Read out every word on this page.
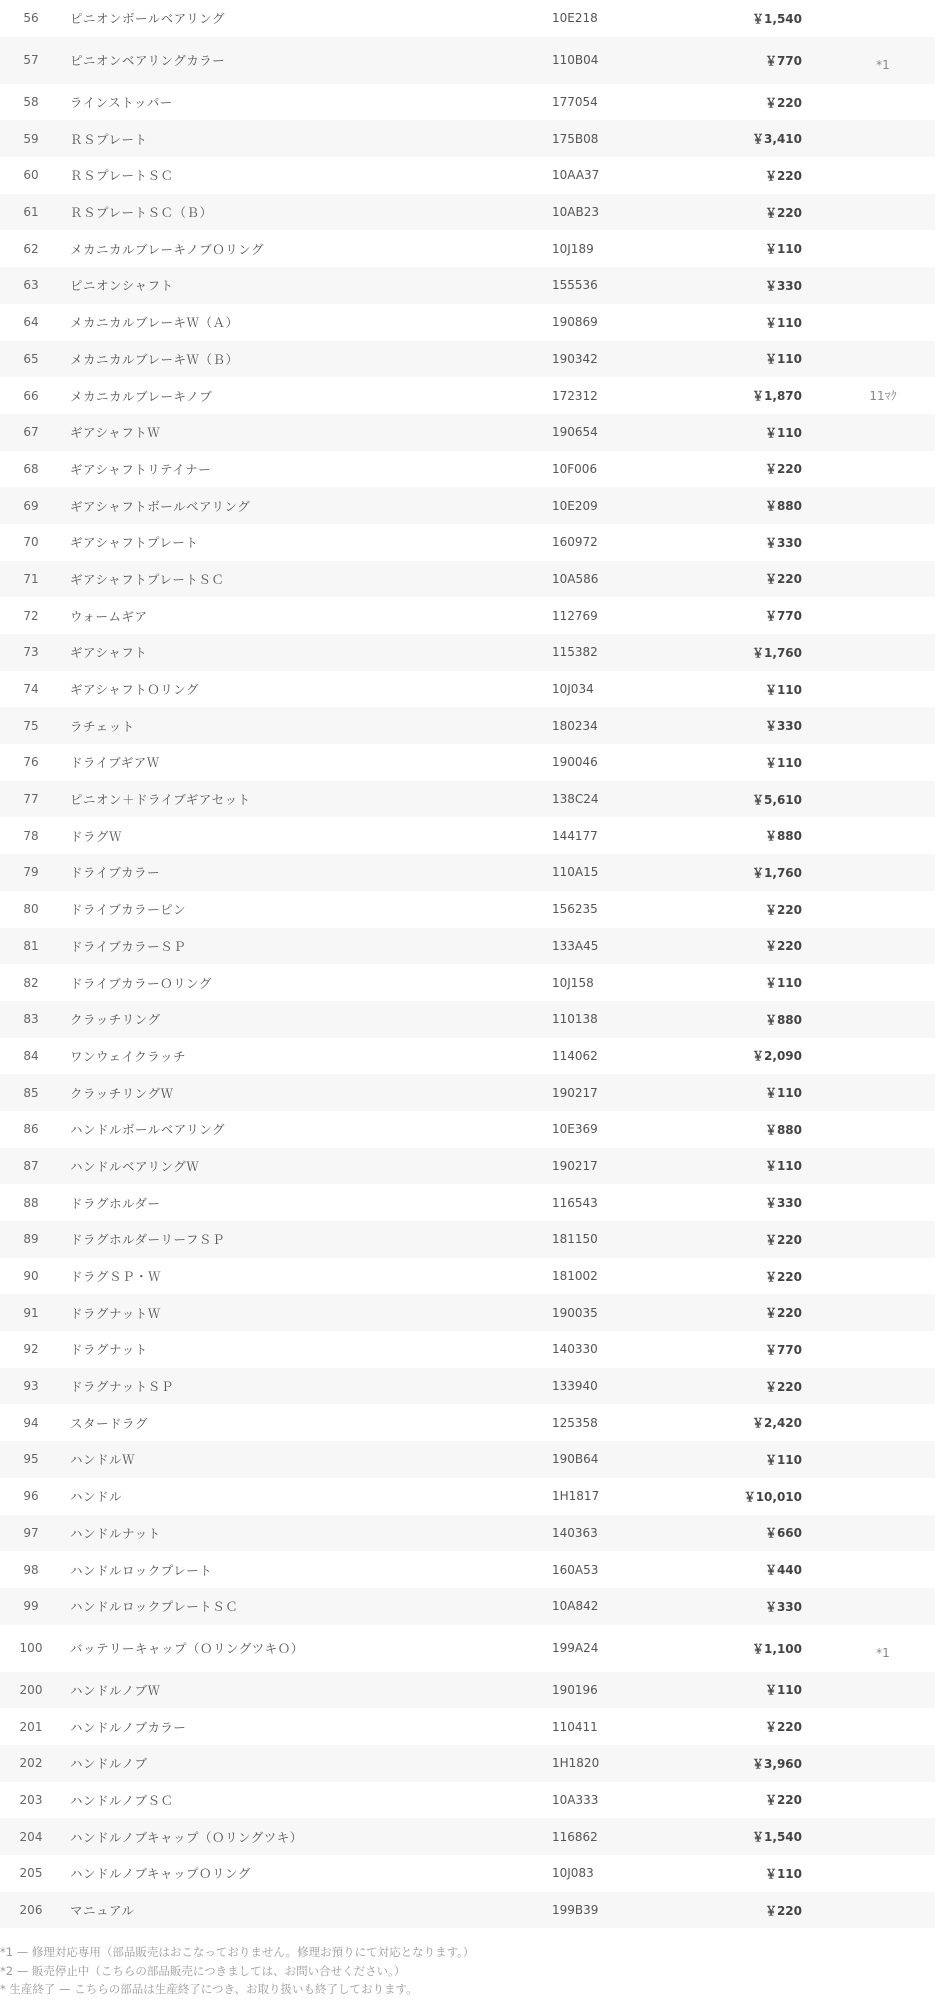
56	ピニオンボールベアリング	10E218	￥1,540
57	ピニオンベアリングカラー	110B04	￥770	*1
58	ラインストッパー	177054	￥220
59	ＲＳプレート	175B08	￥3,410
60	ＲＳプレートＳＣ	10AA37	￥220
61	ＲＳプレートＳＣ（Ｂ）	10AB23	￥220
62	メカニカルブレーキノブＯリング	10J189	￥110
63	ピニオンシャフト	155536	￥330
64	メカニカルブレーキＷ（Ａ）	190869	￥110
65	メカニカルブレーキＷ（Ｂ）	190342	￥110
66	メカニカルブレーキノブ	172312	￥1,870	11ﾏｸ
67	ギアシャフトＷ	190654	￥110
68	ギアシャフトリテイナー	10F006	￥220
69	ギアシャフトボールベアリング	10E209	￥880
70	ギアシャフトプレート	160972	￥330
71	ギアシャフトプレートＳＣ	10A586	￥220
72	ウォームギア	112769	￥770
73	ギアシャフト	115382	￥1,760
74	ギアシャフトＯリング	10J034	￥110
75	ラチェット	180234	￥330
76	ドライブギアＷ	190046	￥110
77	ピニオン＋ドライブギアセット	138C24	￥5,610
78	ドラグＷ	144177	￥880
79	ドライブカラー	110A15	￥1,760
80	ドライブカラーピン	156235	￥220
81	ドライブカラーＳＰ	133A45	￥220
82	ドライブカラーＯリング	10J158	￥110
83	クラッチリング	110138	￥880
84	ワンウェイクラッチ	114062	￥2,090
85	クラッチリングＷ	190217	￥110
86	ハンドルボールベアリング	10E369	￥880
87	ハンドルベアリングＷ	190217	￥110
88	ドラグホルダー	116543	￥330
89	ドラグホルダーリーフＳＰ	181150	￥220
90	ドラグＳＰ・Ｗ	181002	￥220
91	ドラグナットＷ	190035	￥220
92	ドラグナット	140330	￥770
93	ドラグナットＳＰ	133940	￥220
94	スタードラグ	125358	￥2,420
95	ハンドルＷ	190B64	￥110
96	ハンドル	1H1817	￥10,010
97	ハンドルナット	140363	￥660
98	ハンドルロックプレート	160A53	￥440
99	ハンドルロックプレートＳＣ	10A842	￥330
100	バッテリーキャップ（ＯリングツキＯ）	199A24	￥1,100	*1
200	ハンドルノブＷ	190196	￥110
201	ハンドルノブカラー	110411	￥220
202	ハンドルノブ	1H1820	￥3,960
203	ハンドルノブＳＣ	10A333	￥220
204	ハンドルノブキャップ（Ｏリングツキ）	116862	￥1,540
205	ハンドルノブキャップＯリング	10J083	￥110
206	マニュアル	199B39	￥220
*1 — 修理対応専用（部品販売はおこなっておりません。修理お預りにて対応となります。）
*2 — 販売停止中（こちらの部品販売につきましては、お問い合せください。）
* 生産終了 — こちらの部品は生産終了につき、お取り扱いも終了しております。
